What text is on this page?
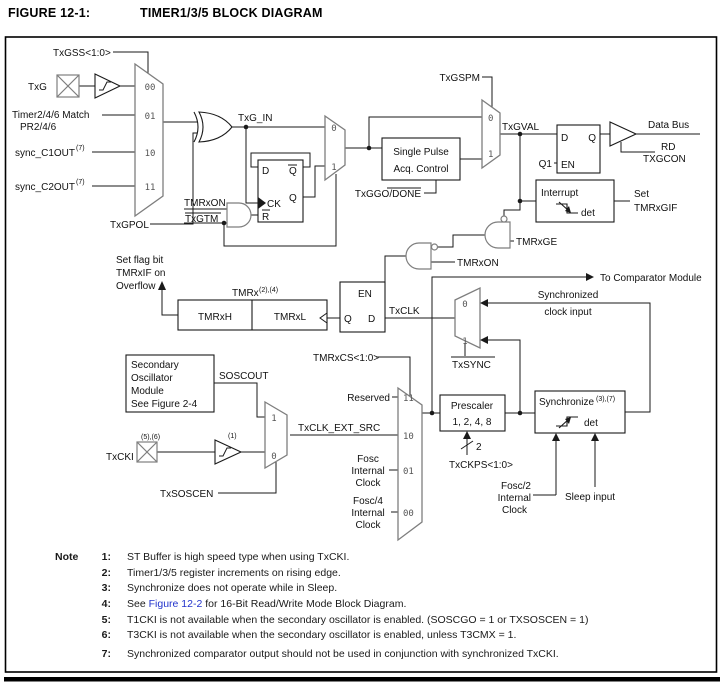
FIGURE 12-1:	TIMER1/3/5 BLOCK DIAGRAM
TxGSS<1:0>
TxG
Timer2/4/6 Match
PR2/4/6
sync_C1OUT (7)
sync_C2OUT (7)
TxGPOL
00
01
10
11
TxG_IN
0
1
D Q
CK
Q
R
TMRxON
TxGTM
Single Pulse
Acq. Control
TxGGO/DONE
TxGSPM
0
1
TxGVAL
D Q
EN
Q1
Data Bus
RD
TXGCON
Interrupt
det
Set
TMRxGIF
TMRxGE
TMRxON
To Comparator Module
Synchronized
clock input
0
1
TxSYNC
EN
Q D
TxCLK
TMRx (2),(4)
TMRxH	TMRxL
Set flag bit
TMRxIF on
Overflow
TMRxCS<1:0>
Reserved 11
10
01
00
TxCLK_EXT_SRC
Fosc
Internal
Clock
Fosc/4
Internal
Clock
Prescaler
1, 2, 4, 8
2
TxCKPS<1:0>
Synchronize (3),(7)
det
Fosc/2
Internal
Clock
Sleep input
Secondary
Oscillator
Module
See Figure 2-4
SOSCOUT
TxSOSCEN
1
0
TxCKI
(5),(6)	(1)
Note	1:	ST Buffer is high speed type when using TxCKI.
2:	Timer1/3/5 register increments on rising edge.
3:	Synchronize does not operate while in Sleep.
4:	See Figure 12-2 for 16-Bit Read/Write Mode Block Diagram.
5:	T1CKI is not available when the secondary oscillator is enabled. (SOSCGO = 1 or TXSOSCEN = 1)
6:	T3CKI is not available when the secondary oscillator is enabled, unless T3CMX = 1.
7:	Synchronized comparator output should not be used in conjunction with synchronized TxCKI.
